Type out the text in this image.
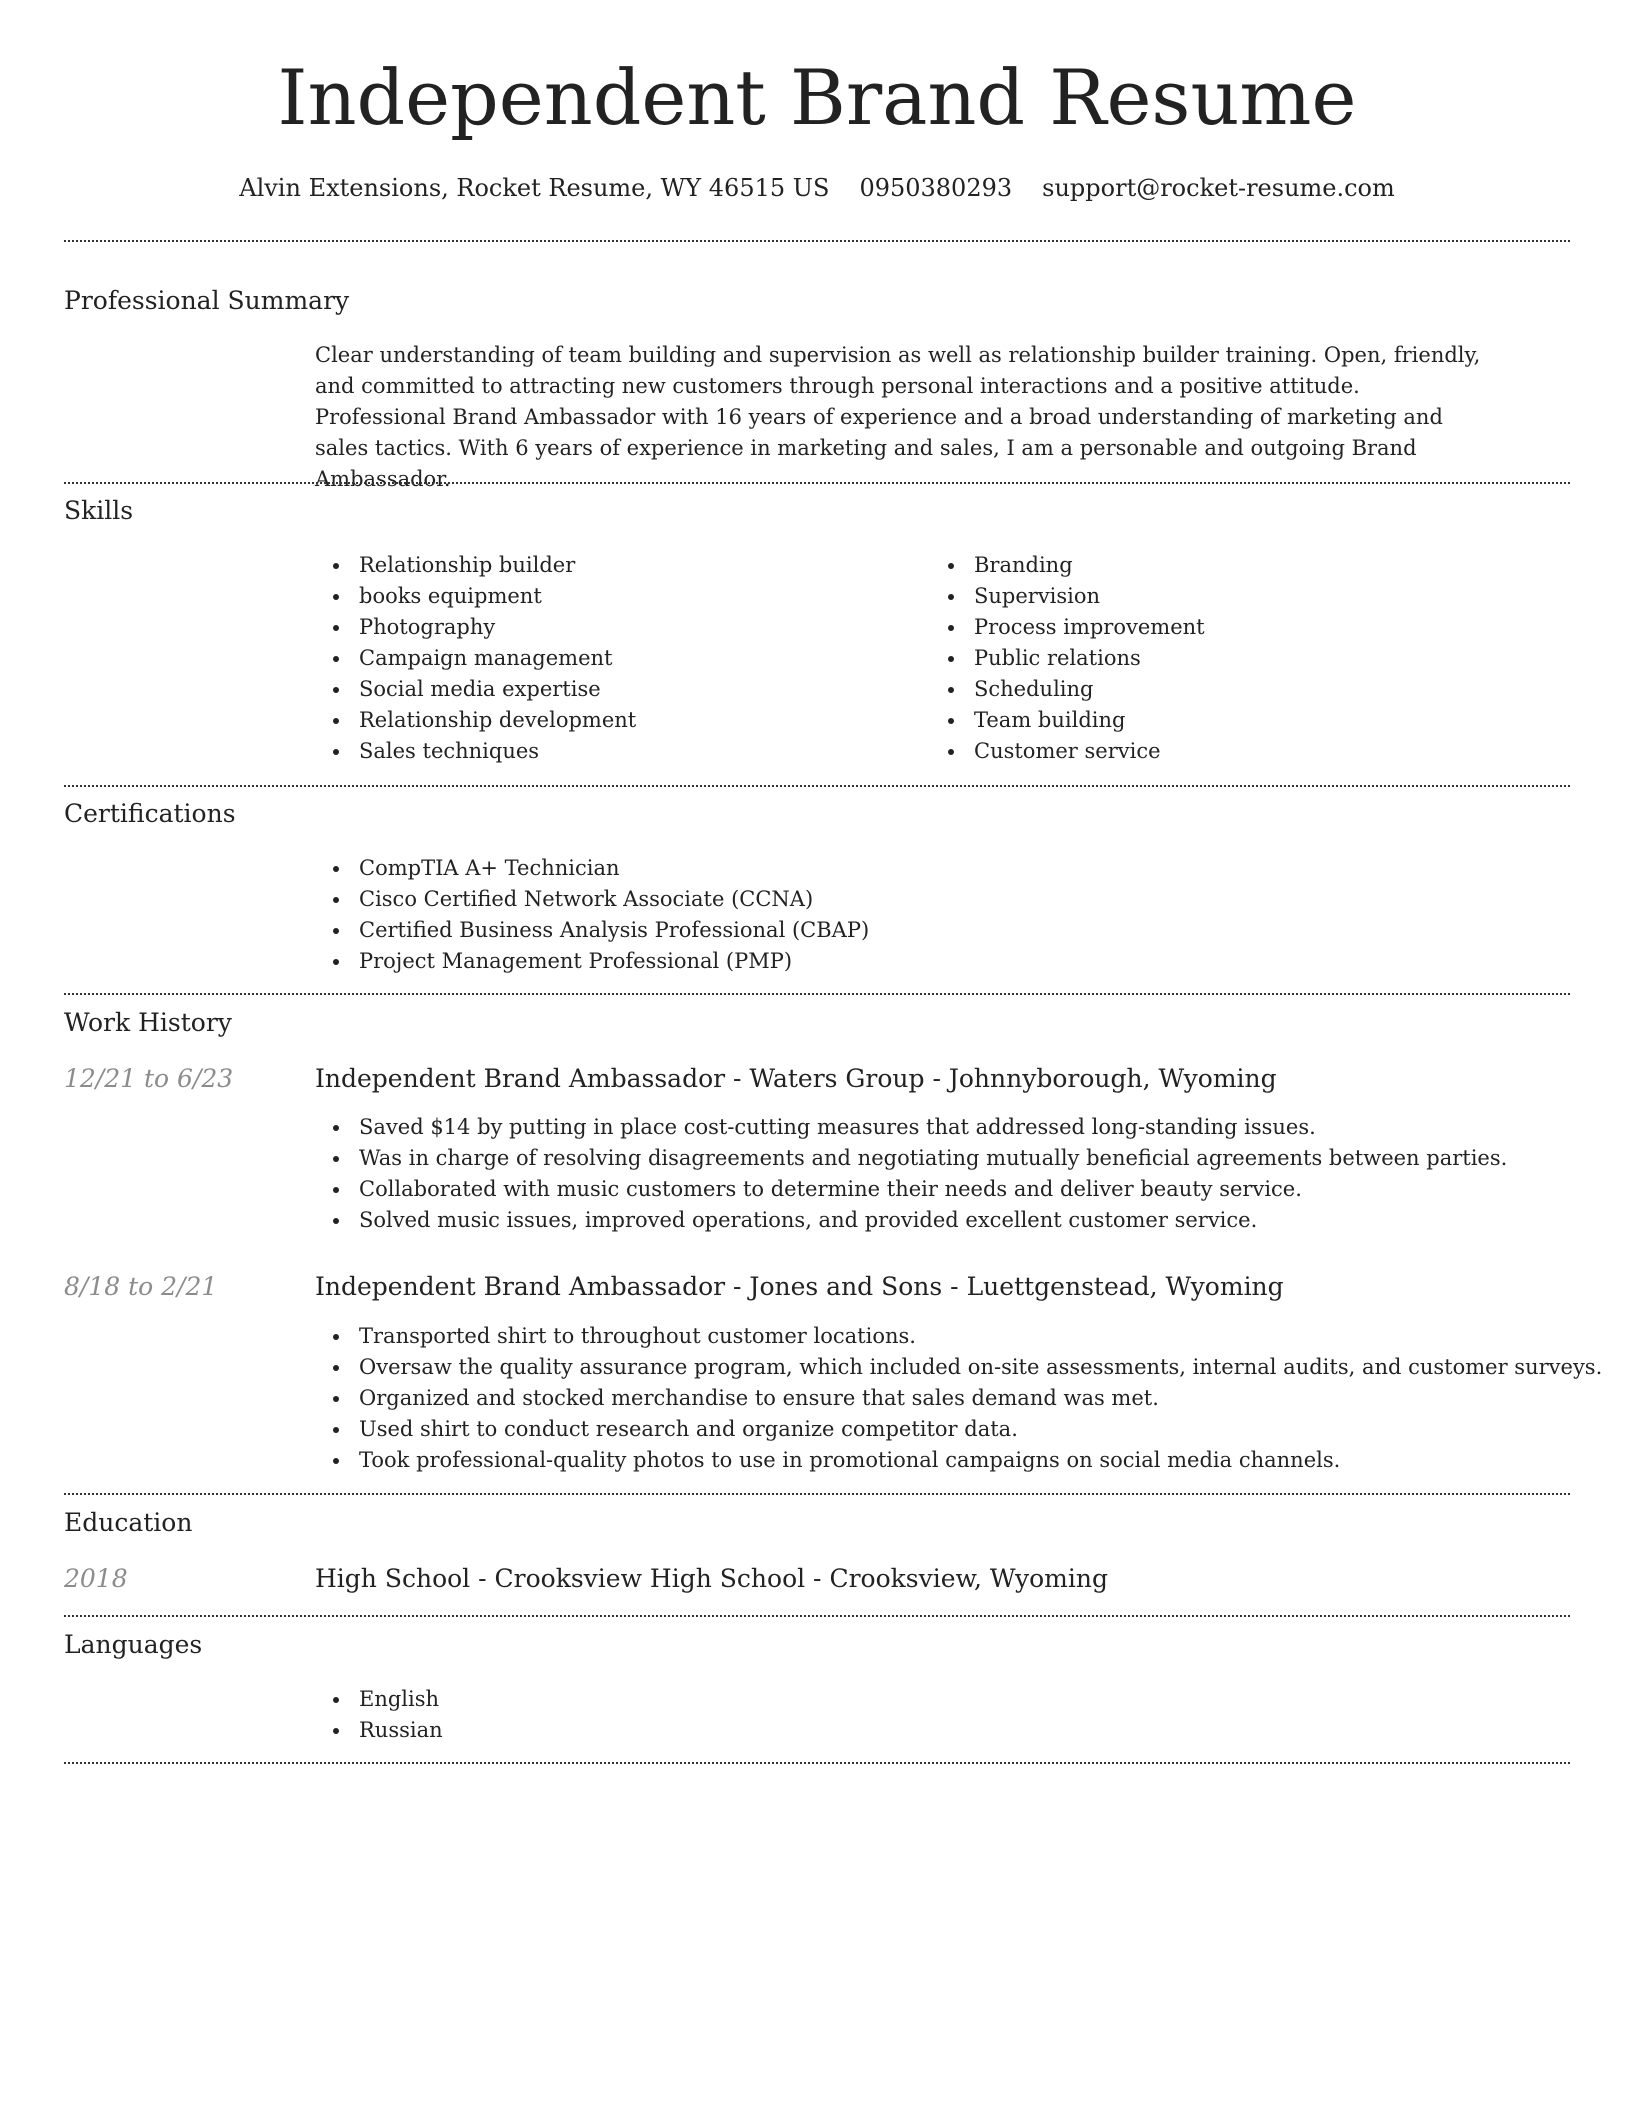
Independent Brand Resume
Alvin Extensions, Rocket Resume, WY 46515 US 0950380293 support@rocket-resume.com
Professional Summary

Clear understanding of team building and supervision as well as relationship builder training. Open, friendly, and committed to attracting new customers through personal interactions and a positive attitude. Professional Brand Ambassador with 16 years of experience and a broad understanding of marketing and sales tactics. With 6 years of experience in marketing and sales, I am a personable and outgoing Brand Ambassador.

Skills
Relationship builder
books equipment
Photography
Campaign management
Social media expertise
Relationship development
Sales techniques
Branding
Supervision
Process improvement
Public relations
Scheduling
Team building
Customer service
Certifications
CompTIA A+ Technician
Cisco Certified Network Associate (CCNA)
Certified Business Analysis Professional (CBAP)
Project Management Professional (PMP)
Work History
12/21 to 6/23	Independent Brand Ambassador - Waters Group - Johnnyborough, Wyoming
Saved $14 by putting in place cost-cutting measures that addressed long-standing issues.
Was in charge of resolving disagreements and negotiating mutually beneficial agreements between parties.
Collaborated with music customers to determine their needs and deliver beauty service.
Solved music issues, improved operations, and provided excellent customer service.
8/18 to 2/21	Independent Brand Ambassador - Jones and Sons - Luettgenstead, Wyoming
Transported shirt to throughout customer locations.
Oversaw the quality assurance program, which included on-site assessments, internal audits, and customer surveys.
Organized and stocked merchandise to ensure that sales demand was met.
Used shirt to conduct research and organize competitor data.
Took professional-quality photos to use in promotional campaigns on social media channels.
Education
2018	High School - Crooksview High School - Crooksview, Wyoming
Languages
English
Russian
